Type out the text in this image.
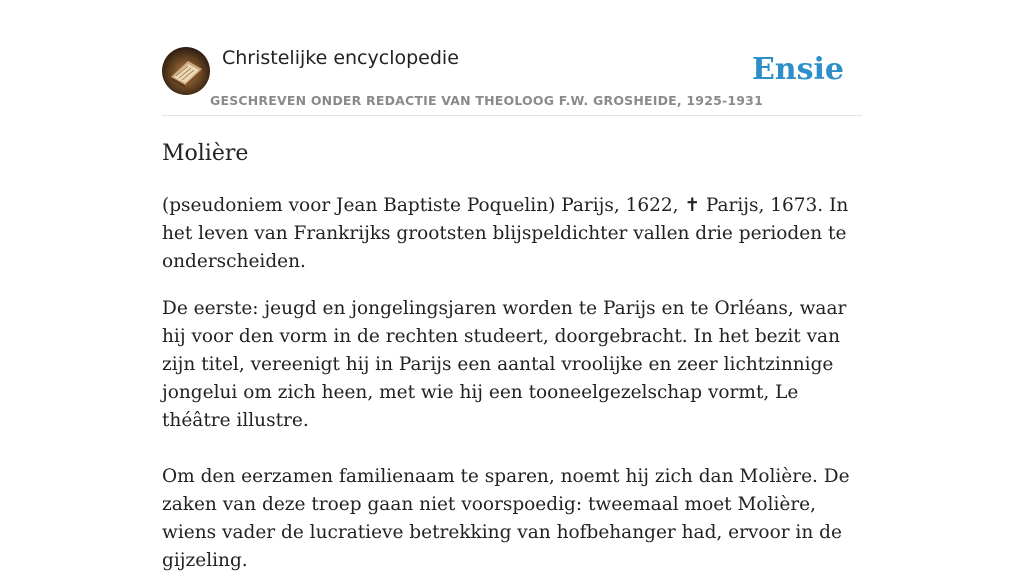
Christelijke encyclopedie
GESCHREVEN ONDER REDACTIE VAN THEOLOOG F.W. GROSHEIDE, 1925-1931
Ensie
Molière

(pseudoniem voor Jean Baptiste Poquelin) Parijs, 1622, ✝ Parijs, 1673. In het leven van Frankrijks grootsten blijspeldichter vallen drie perioden te onderscheiden.

De eerste: jeugd en jongelingsjaren worden te Parijs en te Orléans, waar hij voor den vorm in de rechten studeert, doorgebracht. In het bezit van zijn titel, vereenigt hij in Parijs een aantal vroolijke en zeer lichtzinnige jongelui om zich heen, met wie hij een tooneelgezelschap vormt, Le théâtre illustre.

Om den eerzamen familienaam te sparen, noemt hij zich dan Molière. De zaken van deze troep gaan niet voorspoedig: tweemaal moet Molière, wiens vader de lucratieve betrekking van hofbehanger had, ervoor in de gijzeling.
